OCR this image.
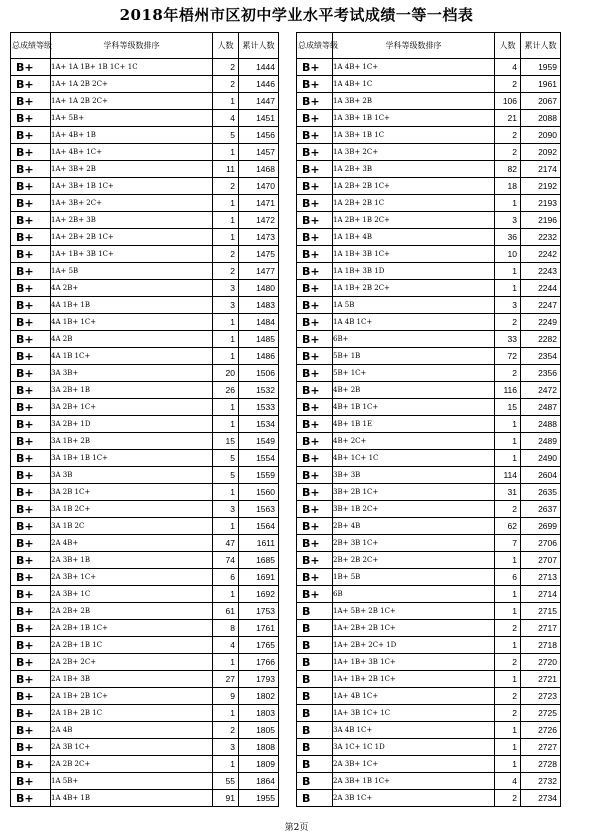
2018年梧州市区初中学业水平考试成绩一等一档表
总成绩等级	学科等级数排序	人数	累计人数
B+	1A+ 1A 1B+ 1B 1C+ 1C	2	1444
B+	1A+ 1A 2B 2C+	2	1446
B+	1A+ 1A 2B 2C+	1	1447
B+	1A+ 5B+	4	1451
B+	1A+ 4B+ 1B	5	1456
B+	1A+ 4B+ 1C+	1	1457
B+	1A+ 3B+ 2B	11	1468
B+	1A+ 3B+ 1B 1C+	2	1470
B+	1A+ 3B+ 2C+	1	1471
B+	1A+ 2B+ 3B	1	1472
B+	1A+ 2B+ 2B 1C+	1	1473
B+	1A+ 1B+ 3B 1C+	2	1475
B+	1A+ 5B	2	1477
B+	4A 2B+	3	1480
B+	4A 1B+ 1B	3	1483
B+	4A 1B+ 1C+	1	1484
B+	4A 2B	1	1485
B+	4A 1B 1C+	1	1486
B+	3A 3B+	20	1506
B+	3A 2B+ 1B	26	1532
B+	3A 2B+ 1C+	1	1533
B+	3A 2B+ 1D	1	1534
B+	3A 1B+ 2B	15	1549
B+	3A 1B+ 1B 1C+	5	1554
B+	3A 3B	5	1559
B+	3A 2B 1C+	1	1560
B+	3A 1B 2C+	3	1563
B+	3A 1B 2C	1	1564
B+	2A 4B+	47	1611
B+	2A 3B+ 1B	74	1685
B+	2A 3B+ 1C+	6	1691
B+	2A 3B+ 1C	1	1692
B+	2A 2B+ 2B	61	1753
B+	2A 2B+ 1B 1C+	8	1761
B+	2A 2B+ 1B 1C	4	1765
B+	2A 2B+ 2C+	1	1766
B+	2A 1B+ 3B	27	1793
B+	2A 1B+ 2B 1C+	9	1802
B+	2A 1B+ 2B 1C	1	1803
B+	2A 4B	2	1805
B+	2A 3B 1C+	3	1808
B+	2A 2B 2C+	1	1809
B+	1A 5B+	55	1864
B+	1A 4B+ 1B	91	1955
总成绩等级	学科等级数排序	人数	累计人数
B+	1A 4B+ 1C+	4	1959
B+	1A 4B+ 1C	2	1961
B+	1A 3B+ 2B	106	2067
B+	1A 3B+ 1B 1C+	21	2088
B+	1A 3B+ 1B 1C	2	2090
B+	1A 3B+ 2C+	2	2092
B+	1A 2B+ 3B	82	2174
B+	1A 2B+ 2B 1C+	18	2192
B+	1A 2B+ 2B 1C	1	2193
B+	1A 2B+ 1B 2C+	3	2196
B+	1A 1B+ 4B	36	2232
B+	1A 1B+ 3B 1C+	10	2242
B+	1A 1B+ 3B 1D	1	2243
B+	1A 1B+ 2B 2C+	1	2244
B+	1A 5B	3	2247
B+	1A 4B 1C+	2	2249
B+	6B+	33	2282
B+	5B+ 1B	72	2354
B+	5B+ 1C+	2	2356
B+	4B+ 2B	116	2472
B+	4B+ 1B 1C+	15	2487
B+	4B+ 1B 1E	1	2488
B+	4B+ 2C+	1	2489
B+	4B+ 1C+ 1C	1	2490
B+	3B+ 3B	114	2604
B+	3B+ 2B 1C+	31	2635
B+	3B+ 1B 2C+	2	2637
B+	2B+ 4B	62	2699
B+	2B+ 3B 1C+	7	2706
B+	2B+ 2B 2C+	1	2707
B+	1B+ 5B	6	2713
B+	6B	1	2714
B	1A+ 5B+ 2B 1C+	1	2715
B	1A+ 2B+ 2B 1C+	2	2717
B	1A+ 2B+ 2C+ 1D	1	2718
B	1A+ 1B+ 3B 1C+	2	2720
B	1A+ 1B+ 2B 1C+	1	2721
B	1A+ 4B 1C+	2	2723
B	1A+ 3B 1C+ 1C	2	2725
B	3A 4B 1C+	1	2726
B	3A 1C+ 1C 1D	1	2727
B	2A 3B+ 1C+	1	2728
B	2A 3B+ 1B 1C+	4	2732
B	2A 3B 1C+	2	2734
第2页
